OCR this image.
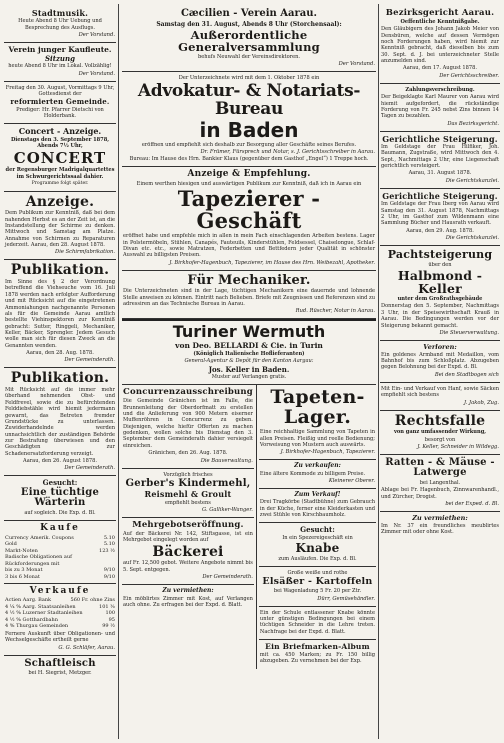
Stadtmusik.
Heute Abend 8 Uhr Uebung und Besprechung des Ausflugs.
Der Vorstand.
Verein junger Kaufleute.
Sitzung
heute Abend 8 Uhr im Lokal. Vollzählig!
Der Vorstand.
Freitag den 30. August, Vormittags 9 Uhr, Gottesdienst der
reformierten Gemeinde.
Prediger: Hr. Pfarrer Dietschi von Holderbank.
Concert - Anzeige.
Dienstags den 3. September 1878, Abends 7½ Uhr,
CONCERT
der Regensburger Madrigalquartettes im Schwurgerichtssaal dahier.
Programme folgt später.
Anzeige.
Dem Publikum zur Kenntniß, daß bei dem nahenden Herbst es an der Zeit ist, an die Instandstellung der Schirme zu denken. Mittwoch und Samstag am Platze. Annahme von Schirmen zu Reparaturen jederzeit. Aarau, den 28. August 1878.
Die Schirmfabrikation.
Publikation.
Im Sinne des § 2 der Verordnung betreffend die Viehseuche vom 16. Juli 1878 werden nach erfolgter Aufforderung und mit Rücksicht auf die eingetretenen Ammoniahungen nachgenannte Personen als für die Gemeinde Aarau amtlich bestellte Viehinspektoren zur Kenntniß gebracht: Sutter, Ringgeli, Mechaniker, Keller, Bäcker, Sprengler. Jedem Gesuch wolle man sich für diesen Zweck an die Genannten wenden.
Aarau, den 28. Aug. 1878.
Der Gemeinderath.
Publikation.
Mit Rücksicht auf die immer mehr überhand nehmenden Obst- und Feldfrevel, sowie die zu befürchtenden Felddiebstähle wird hiemit jedermann gewarnt, das Betreten fremder Grundstücke zu unterlassen. Zuwiderhandelnde werden unnachsichtlich der zuständigen Behörde zur Bestrafung überwiesen und den Geschädigten zur Schadenersatzforderung verzeigt.
Aarau, den 26. August 1878.
Der Gemeinderath.
Gesucht:
Eine tüchtige Wärterin
auf sogleich. Die Exp. d. Bl.
Kaufe
Currency Amerik. Coupons	5.10
Gold	5.10
Markt-Noten	123 ½
Badische Obligationen auf Rückforderungen mit
bis zu 3 Monat	9/10
3 bis 6 Monat	9/10
Verkaufe
Actien Aarg. Bank	560 Fr. ohne Zins
4 ¼ % Aarg. Staatsanleihen	101 ⅜
4 ½ % Luzerner Stadtanleihen	100
4 ½ % Gotthardbahn	95
4 % Thurgau Gemeinden	99 ½
Fernere Auskunft über Obligationen- und Wechselgeschäfte ertheilt gerne
G. G. Schläfer, Aarau.
Schaftleisch
bei H. Siegrist, Metzger.
Cæcilien - Verein Aarau.
Samstag den 31. August, Abends 8 Uhr (Storchensaal):
Außerordentliche Generalversammlung
behufs Neuwahl der Vereinsdirektoren.
Der Vorstand.
Der Unterzeichnete wird mit dem 1. Oktober 1878 ein
Advokatur- & Notariats-Bureau
in Baden
eröffnen und empfiehlt sich deshalb zur Besorgung aller Geschäfte seines Berufes.
Dr. Frümer, Fürsprech und Notar, s. J. Gerichtsschreiber in Aarau.
Bureau: Im Hause des Hrn. Bankier Klaus (gegenüber dem Gasthof „Engel“) 1 Treppe hoch.
Anzeige & Empfehlung.
Einem werthen hiesigen und auswärtigen Publikum zur Kenntniß, daß ich in Aarau ein
Tapezierer - Geschäft
eröffnet habe und empfehle mich in allen in mein Fach einschlagenden Arbeiten bestens. Lager in Polstermöbeln, Stühlen, Canapés, Fauteuils, Kinderstühlen, Feldsessel, Chaiselongue, Schlaf-Divan etc. etc., sowie Matratzen, Federbetten und Bettfedern jeder Qualität in schönster Auswahl zu billigsten Preisen.
J. Birkhofer-Hagenbuch, Tapezierer, im Hause des Hrn. Weibezahl, Apotheker.
Für Mechaniker.
Die Unterzeichneten sind in der Lage, tüchtigen Mechanikern eine dauernde und lohnende Stelle anweisen zu können. Eintritt nach Belieben. Briefe mit Zeugnissen und Referenzen sind zu adressiren an das Technische Bureau in Aarau.
Rud. Rüscher, Notar in Aarau.
Turiner Wermuth
von Deo. BELLARDI & Cie. in Turin
(Königlich Italienische Hoflieferanten)
General-Agentur & Depôt für den Kanton Aargau:
Jos. Keller in Baden.
Muster auf Verlangen gratis.
Concurrenzausschreibung
Die Gemeinde Gränichen ist im Falle, die Brunnenleitung der Oberdorfmatt zu erstellen und die Anlieferung von 900 Metern eiserner Muffenröhren in Concurrenz zu geben. Diejenigen, welche hiefür Offerten zu machen gedenken, wollen solche bis Dienstag den 3. September dem Gemeinderath dahier versiegelt einreichen.
Gränichen, den 26. Aug. 1878.
Die Bauverwaltung.
Vorzüglich frisches
Gerber's Kindermehl,
Reismehl & Groult
empfiehlt bestens
G. Galliker-Wanger.
Mehrgebotseröffnung.
Auf der Bäckerei Nr. 142, Stiftsgasse, ist ein Mehrgebot eingelegt worden auf
Bäckerei
auf Fr. 12,500 gebot. Weitere Angebote nimmt bis 5. Sept. entgegen.
Der Gemeinderath.
Zu vermiethen:
Ein möblirtes Zimmer mit Kost, auf Verlangen auch ohne. Zu erfragen bei der Expd. d. Blatt.
Tapeten-Lager.
Eine reichhaltige Sammlung von Tapeten in allen Preisen. Fleißig und reelle Bedienung; Vorweisung von Mustern auch auswärts.
J. Birkhofer-Hagenbuch, Tapezierer.
Zu verkaufen:
Eine ältere Kommode zu billigem Preise.
Kleinerer Oberer.
Zum Verkauf!
Drei Tragkörbe (Stadtbühne) zum Gebrauch in der Küche, ferner eine Kleiderkasten und zwei Stühle von Kirschbaumholz.
Gesucht:
In ein Spezereigeschäft ein
Knabe
zum Ausläufen. Die Exp. d. Bl.
Große weiße und rothe
Elsäßer - Kartoffeln
bei Wagenladung 5 Fr. 20 per Ztr.
Dürr, Gemüsehändler.
Ein der Schule entlassener Knabe könnte unter günstigen Bedingungen bei einem tüchtigen Schneider in die Lehre treten. Nachfrage bei der Expd. d. Blatt.
Ein Briefmarken-Album
mit ca. 450 Marken; zu Fr. 150 billig abzugeben. Zu vernehmen bei der Exp.
Bezirksgericht Aarau.
Oeffentliche Kenntnißgabe.
Den Gläubigern des Johann Jakob Meier von Densbüren, welche auf dessen Vermögen noch Forderungen haben, wird hiemit zur Kenntniß gebracht, daß dieselben bis zum 30. Sept. d. J. bei unterzeichneter Stelle anzumelden sind.
Aarau, den 17. August 1878.
Der Gerichtsschreiber.
Zahlungsverschreibung.
Der Beigeklagte Karl Maurer von Aarau wird hiemit aufgefordert, die rückständige Forderung von Fr. 245 nebst Zins binnen 14 Tagen zu bezahlen.
Das Bezirksgericht.
Gerichtliche Steigerung.
Im Geldstage der Frau Hilfiker, Joh. Baumann, Zugstraße, wird Mittwoch den 4. Sept., Nachmittags 2 Uhr, eine Liegenschaft gerichtlich versteigert.
Aarau, 31. August 1878.
Die Gerichtskanzlei.
Gerichtliche Steigerung.
Im Geldstage der Frau Iberg von Aarau wird Samstag den 31. August 1878, Nachmittags 2 Uhr, im Gasthof zum Wildenmann eine Sammlung Bücher und Hausrath verkauft.
Aarau, den 29. Aug. 1878.
Die Gerichtskanzlei.
Pachtsteigerung
über den
Halbmond - Keller
unter dem Großrathsgebäude
Donnerstag den 5. September, Nachmittags 3 Uhr, in der Speisewirthschaft Krauß in Aarau. Die Bedingungen werden vor der Steigerung bekannt gemacht.
Die Steuerverwaltung.
Verloren:
Ein goldenes Armband mit Medaillon, vom Bahnhof bis zum Schloßplatz. Abzugeben gegen Belohnung bei der Expd. d. Bl.
Bei den Stadtbogen sich
Mit Ein- und Verkauf von Hanf, sowie Säcken empfiehlt sich bestens
J. Jakob, Zug.
Rechtsfalle
von ganz umfassender Wirkung,
besorgt von
J. Keller, Schneider in Wildegg.
Ratten - & Mäuse - Latwerge
bei Langenthal.
Ablage bei Fr. Hagenbuch, Zinnwarenhandl., und Zürcher, Drogist.
bei der Exped. d. Bl.
Zu vermiethen:
Im Nr. 37 ein freundliches meublirtes Zimmer mit oder ohne Kost.
